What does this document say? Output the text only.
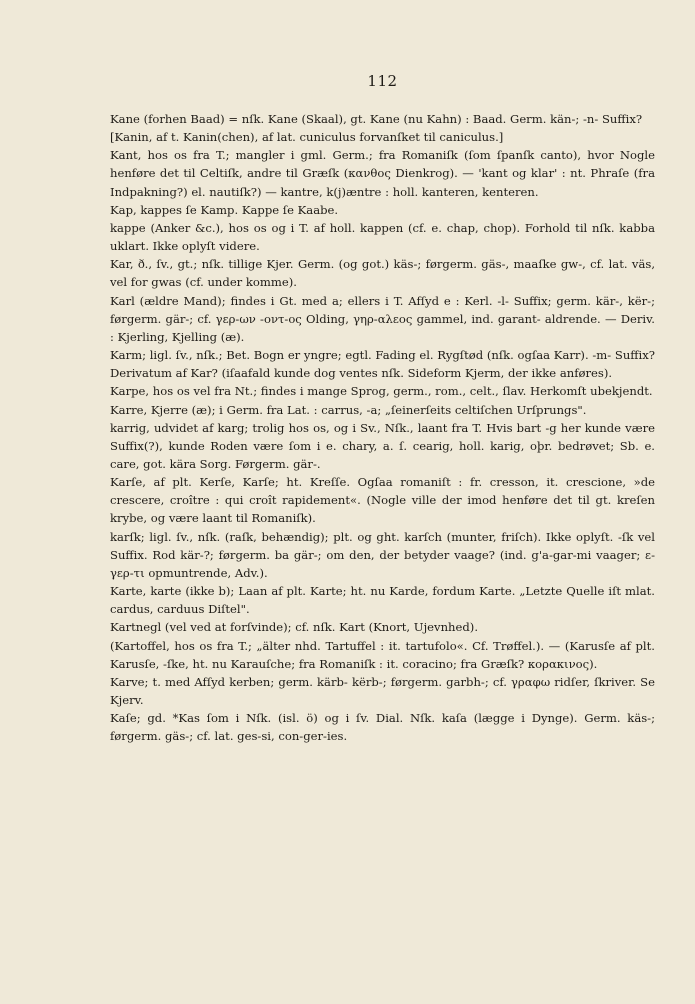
112

Kane (forhen Baad) = nſk. Kane (Skaal), gt. Kane (nu Kahn) : Baad. Germ. kän-; -n- Suffix?

[Kanin, af t. Kanin(chen), af lat. cuniculus forvanſket til caniculus.]

Kant, hos os fra T.; mangler i gml. Germ.; fra Romaniſk (ſom ſpanſk canto), hvor Nogle henføre det til Celtiſk, andre til Græſk (κανθος Dienkrog). — 'kant og klar' : nt. Phraſe (fra Indpakning?) el. nautiſk?) — kantre, k(j)æntre : holl. kanteren, kenteren.

Kap, kappes ſe Kamp. Kappe ſe Kaabe.

kappe (Anker &c.), hos os og i T. af holl. kappen (cf. e. chap, chop). Forhold til nſk. kabba uklart. Ikke oplyſt videre.

Kar, ð., ſv., gt.; nſk. tillige Kjer. Germ. (og got.) käs-; førgerm. gäs-, maaſke gw-, cf. lat. väs, vel for gwas (cf. under komme).

Karl (ældre Mand); findes i Gt. med a; ellers i T. Afſyd e : Kerl. -l- Suffix; germ. kär-, kër-; førgerm. gär-; cf. γερ-ων -οντ-ος Olding, γηρ-αλεος gammel, ind. garant- aldrende. — Deriv. : Kjerling, Kjelling (æ).

Karm; ligl. ſv., nſk.; Bet. Bogn er yngre; egtl. Fading el. Rygſtød (nſk. ogſaa Karr). -m- Suffix? Derivatum af Kar? (iſaafald kunde dog ventes nſk. Sideform Kjerm, der ikke anføres).

Karpe, hos os vel fra Nt.; findes i mange Sprog, germ., rom., celt., ſlav. Herkomſt ubekjendt.

Karre, Kjerre (æ); i Germ. fra Lat. : carrus, -a; „ſeinerſeits celtiſchen Urſprungs".

karrig, udvidet af karg; trolig hos os, og i Sv., Nſk., laant fra T. Hvis bart -g her kunde være Suffix(?), kunde Roden være ſom i e. chary, a. ſ. cearig, holl. karig, oþr. bedrøvet; Sb. e. care, got. kära Sorg. Førgerm. gär-.

Karſe, af plt. Kerſe, Karſe; ht. Kreſſe. Ogſaa romaniſt : fr. cresson, it. crescione, »de crescere, croître : qui croît rapidement«. (Nogle ville der imod henføre det til gt. kreſen krybe, og være laant til Romaniſk).

karſk; ligl. ſv., nſk. (raſk, behændig); plt. og ght. karſch (munter, friſch). Ikke oplyſt. -ſk vel Suffix. Rod kär-?; førgerm. ba gär-; om den, der betyder vaage? (ind. g'a-gar-mi vaager; ε-γερ-τι opmuntrende, Adv.).

Karte, karte (ikke b); Laan af plt. Karte; ht. nu Karde, fordum Karte. „Letzte Quelle iſt mlat. cardus, carduus Diſtel".

Kartnegl (vel ved at forſvinde); cf. nſk. Kart (Knort, Ujevnhed).

(Kartoffel, hos os fra T.; „älter nhd. Tartuffel : it. tartufolo«. Cf. Trøffel.). — (Karusſe af plt. Karusſe, -ſke, ht. nu Karauſche; fra Romaniſk : it. coracino; fra Græſk? κορακινος).

Karve; t. med Afſyd kerben; germ. kärb- kërb-; førgerm. garbh-; cf. γραφω ridſer, ſkriver. Se Kjerv.

Kaſe; gd. *Kas ſom i Nſk. (isl. ö) og i ſv. Dial. Nſk. kaſa (lægge i Dynge). Germ. käs-; førgerm. gäs-; cf. lat. ges-si, con-ger-ies.
